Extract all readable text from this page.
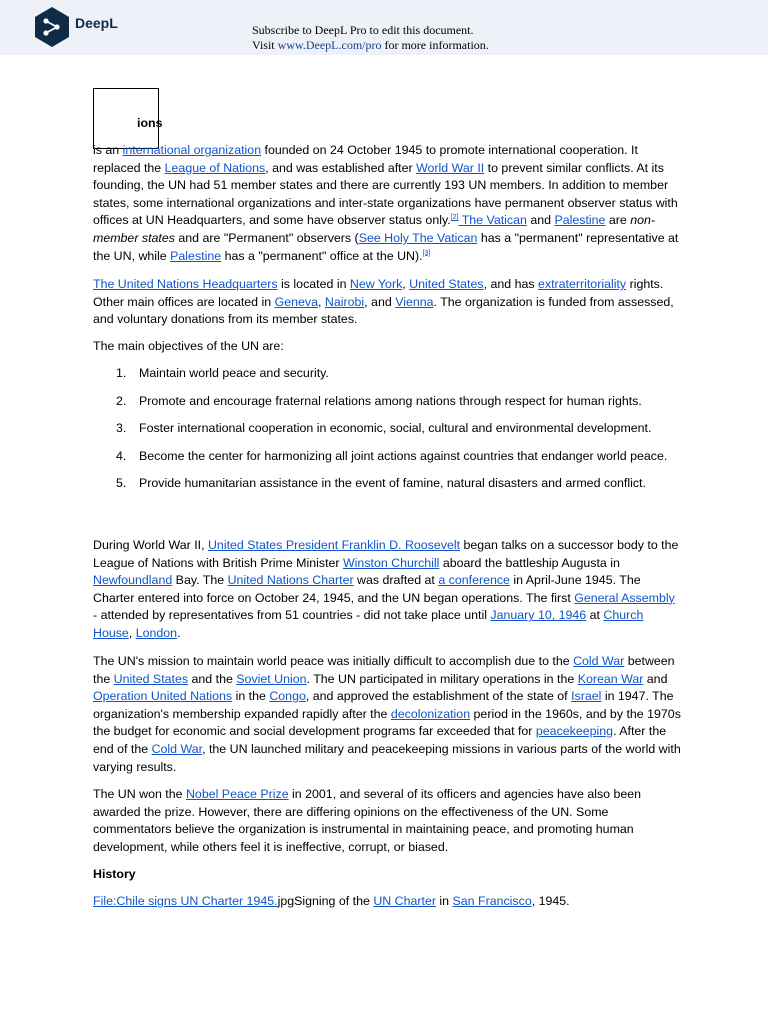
DeepL	Subscribe to DeepL Pro to edit this document.
Visit www.DeepL.com/pro for more information.
ions

is an international organization founded on 24 October 1945 to promote international cooperation. It replaced the League of Nations, and was established after World War II to prevent similar conflicts. At its founding, the UN had 51 member states and there are currently 193 UN members. In addition to member states, some international organizations and inter-state organizations have permanent observer status with offices at UN Headquarters, and some have observer status only.[2] The Vatican and Palestine are non-member states and are "Permanent" observers (See Holy The Vatican has a "permanent" representative at the UN, while Palestine has a "permanent" office at the UN).[3]

The United Nations Headquarters is located in New York, United States, and has extraterritoriality rights. Other main offices are located in Geneva, Nairobi, and Vienna. The organization is funded from assessed, and voluntary donations from its member states.

The main objectives of the UN are:

1. Maintain world peace and security.
2. Promote and encourage fraternal relations among nations through respect for human rights.
3. Foster international cooperation in economic, social, cultural and environmental development.
4. Become the center for harmonizing all joint actions against countries that endanger world peace.
5. Provide humanitarian assistance in the event of famine, natural disasters and armed conflict.

During World War II, United States President Franklin D. Roosevelt began talks on a successor body to the League of Nations with British Prime Minister Winston Churchill aboard the battleship Augusta in Newfoundland Bay. The United Nations Charter was drafted at a conference in April-June 1945. The Charter entered into force on October 24, 1945, and the UN began operations. The first General Assembly - attended by representatives from 51 countries - did not take place until January 10, 1946 at Church House, London.

The UN's mission to maintain world peace was initially difficult to accomplish due to the Cold War between the United States and the Soviet Union. The UN participated in military operations in the Korean War and Operation United Nations in the Congo, and approved the establishment of the state of Israel in 1947. The organization's membership expanded rapidly after the decolonization period in the 1960s, and by the 1970s the budget for economic and social development programs far exceeded that for peacekeeping. After the end of the Cold War, the UN launched military and peacekeeping missions in various parts of the world with varying results.

The UN won the Nobel Peace Prize in 2001, and several of its officers and agencies have also been awarded the prize. However, there are differing opinions on the effectiveness of the UN. Some commentators believe the organization is instrumental in maintaining peace, and promoting human development, while others feel it is ineffective, corrupt, or biased.

History

File:Chile signs UN Charter 1945.jpgSigning of the UN Charter in San Francisco, 1945.
